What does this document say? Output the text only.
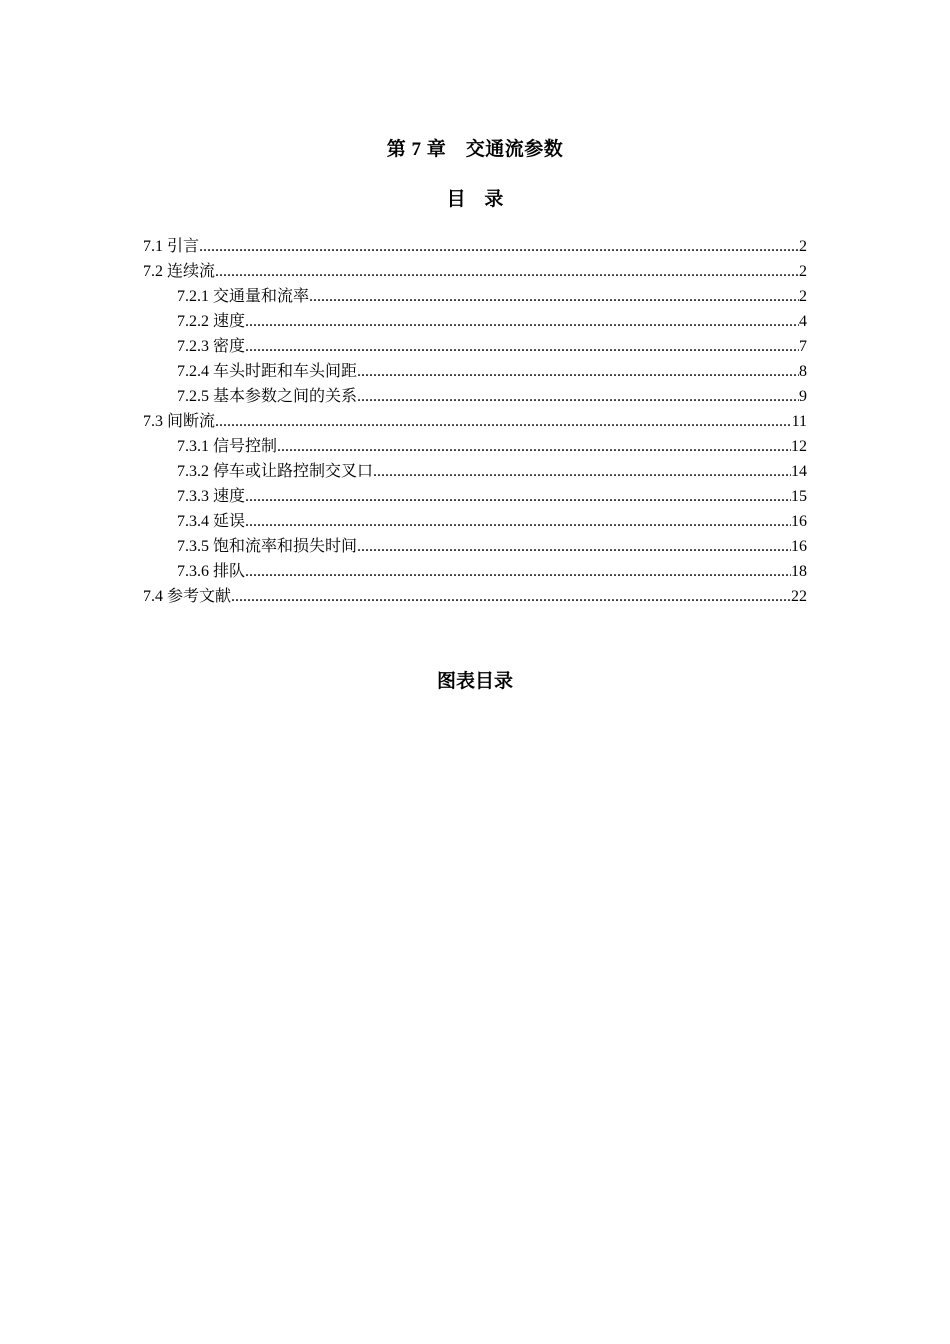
第 7 章　交通流参数
目 录
7.1 引言 .....	2
7.2 连续流 .....	2
7.2.1 交通量和流率 .....	2
7.2.2 速度 .....	4
7.2.3 密度 .....	7
7.2.4 车头时距和车头间距 .....	8
7.2.5 基本参数之间的关系 .....	9
7.3 间断流 .....	11
7.3.1 信号控制 .....	12
7.3.2 停车或让路控制交叉口 .....	14
7.3.3 速度 .....	15
7.3.4 延误 .....	16
7.3.5 饱和流率和损失时间 .....	16
7.3.6 排队 .....	18
7.4 参考文献 .....	22
图表目录
